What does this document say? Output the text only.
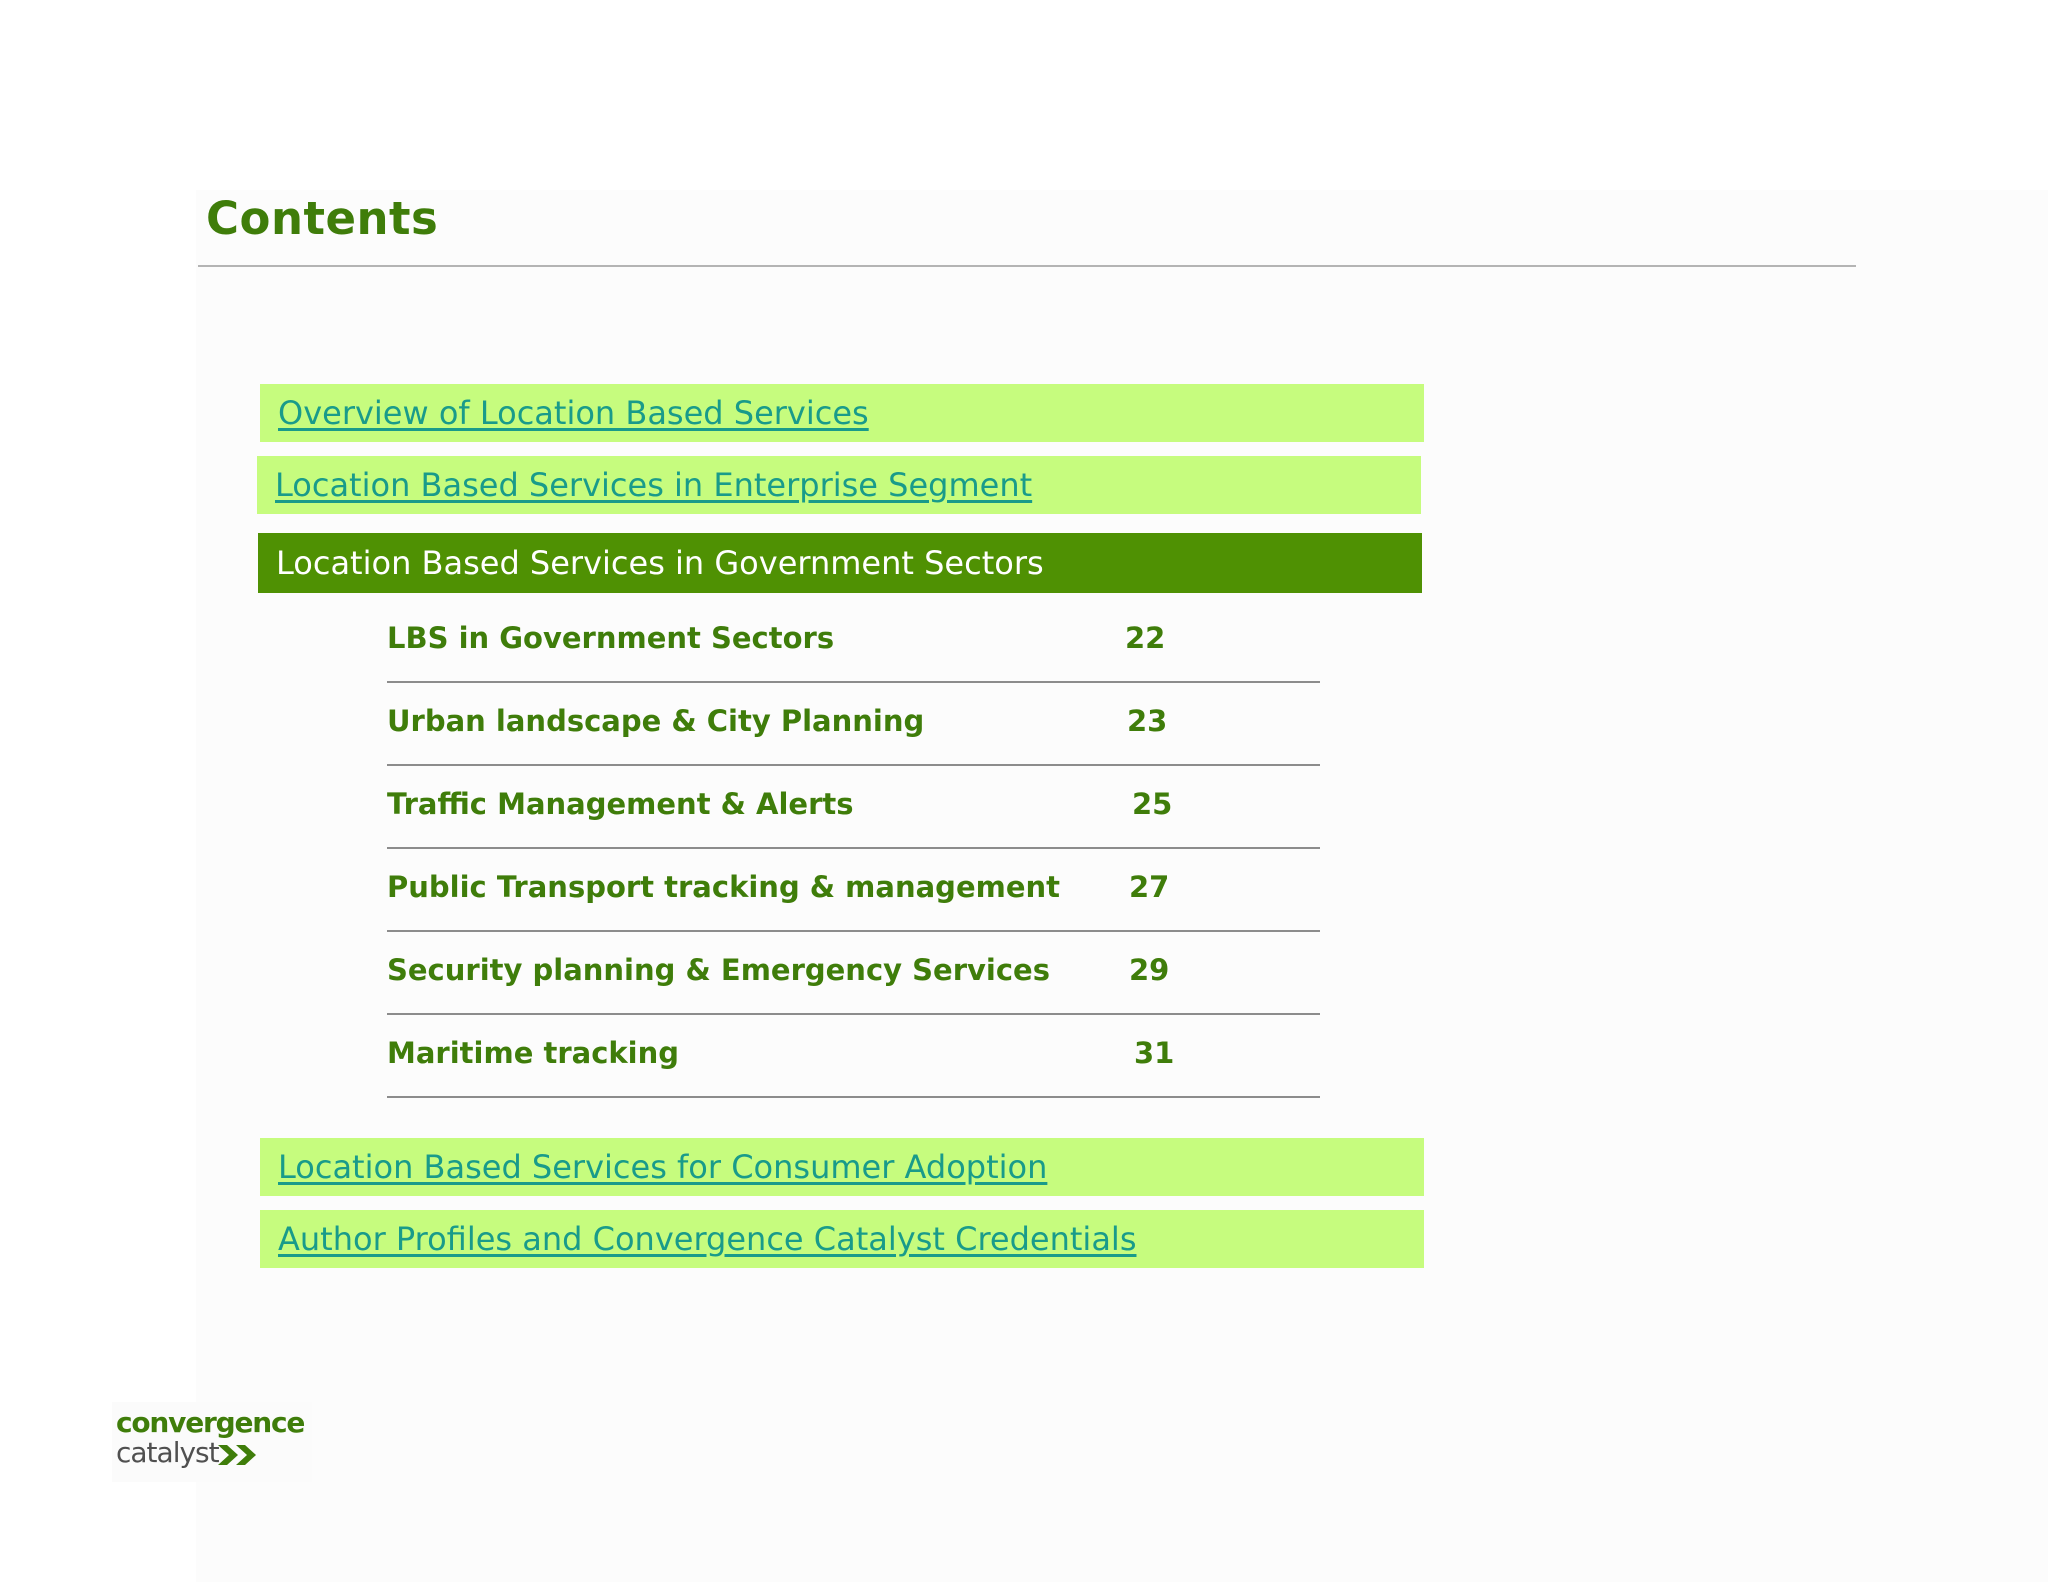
Contents
Overview of Location Based Services
Location Based Services in Enterprise Segment
Location Based Services in Government Sectors
LBS in Government Sectors	22
Urban landscape & City Planning	23
Traffic Management & Alerts	25
Public Transport tracking & management 27
Security planning & Emergency Services	29
Maritime tracking	31
Location Based Services for Consumer Adoption
Author Profiles and Convergence Catalyst Credentials
convergence
catalyst
